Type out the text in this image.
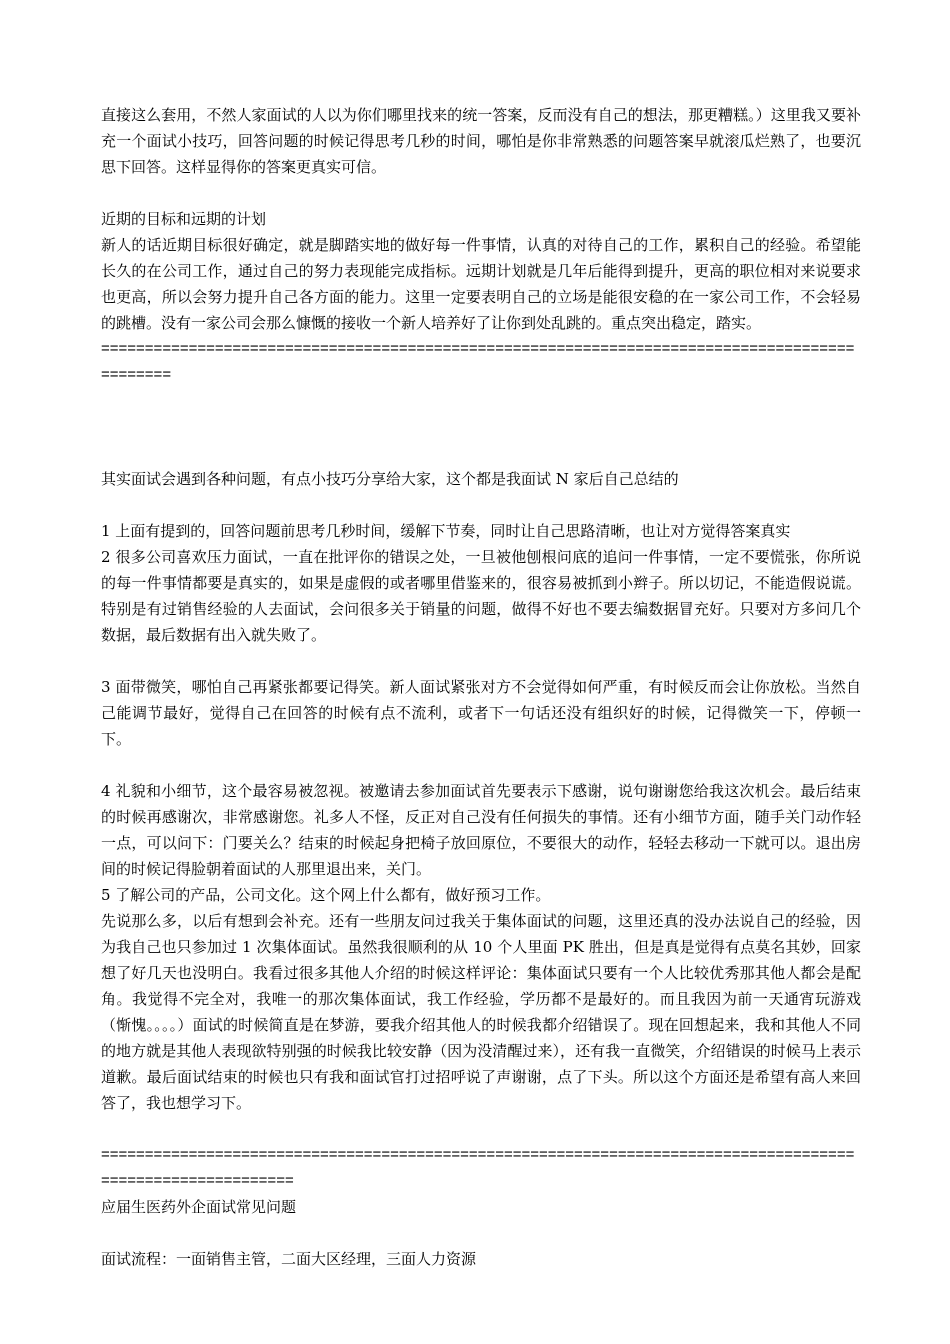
直接这么套用，不然人家面试的人以为你们哪里找来的统一答案，反而没有自己的想法，那更糟糕。）这里我又要补充一个面试小技巧，回答问题的时候记得思考几秒的时间，哪怕是你非常熟悉的问题答案早就滚瓜烂熟了，也要沉思下回答。这样显得你的答案更真实可信。

近期的目标和远期的计划

新人的话近期目标很好确定，就是脚踏实地的做好每一件事情，认真的对待自己的工作，累积自己的经验。希望能长久的在公司工作，通过自己的努力表现能完成指标。远期计划就是几年后能得到提升，更高的职位相对来说要求也更高，所以会努力提升自己各方面的能力。这里一定要表明自己的立场是能很安稳的在一家公司工作，不会轻易的跳槽。没有一家公司会那么慷慨的接收一个新人培养好了让你到处乱跳的。重点突出稳定，踏实。

==============================================================================================

其实面试会遇到各种问题，有点小技巧分享给大家，这个都是我面试 N 家后自己总结的

1 上面有提到的，回答问题前思考几秒时间，缓解下节奏，同时让自己思路清晰，也让对方觉得答案真实

2 很多公司喜欢压力面试，一直在批评你的错误之处，一旦被他刨根问底的追问一件事情，一定不要慌张，你所说的每一件事情都要是真实的，如果是虚假的或者哪里借鉴来的，很容易被抓到小辫子。所以切记，不能造假说谎。特别是有过销售经验的人去面试，会问很多关于销量的问题，做得不好也不要去编数据冒充好。只要对方多问几个数据，最后数据有出入就失败了。

3 面带微笑，哪怕自己再紧张都要记得笑。新人面试紧张对方不会觉得如何严重，有时候反而会让你放松。当然自己能调节最好，觉得自己在回答的时候有点不流利，或者下一句话还没有组织好的时候，记得微笑一下，停顿一下。

4 礼貌和小细节，这个最容易被忽视。被邀请去参加面试首先要表示下感谢，说句谢谢您给我这次机会。最后结束的时候再感谢次，非常感谢您。礼多人不怪，反正对自己没有任何损失的事情。还有小细节方面，随手关门动作轻一点，可以问下：门要关么？结束的时候起身把椅子放回原位，不要很大的动作，轻轻去移动一下就可以。退出房间的时候记得脸朝着面试的人那里退出来，关门。

5 了解公司的产品，公司文化。这个网上什么都有，做好预习工作。

先说那么多，以后有想到会补充。还有一些朋友问过我关于集体面试的问题，这里还真的没办法说自己的经验，因为我自己也只参加过 1 次集体面试。虽然我很顺利的从 10 个人里面 PK 胜出，但是真是觉得有点莫名其妙，回家想了好几天也没明白。我看过很多其他人介绍的时候这样评论：集体面试只要有一个人比较优秀那其他人都会是配角。我觉得不完全对，我唯一的那次集体面试，我工作经验，学历都不是最好的。而且我因为前一天通宵玩游戏（惭愧。。。。）面试的时候简直是在梦游，要我介绍其他人的时候我都介绍错误了。现在回想起来，我和其他人不同的地方就是其他人表现欲特别强的时候我比较安静（因为没清醒过来），还有我一直微笑，介绍错误的时候马上表示道歉。最后面试结束的时候也只有我和面试官打过招呼说了声谢谢，点了下头。所以这个方面还是希望有高人来回答了，我也想学习下。

============================================================================================================

应届生医药外企面试常见问题

面试流程：一面销售主管，二面大区经理，三面人力资源
